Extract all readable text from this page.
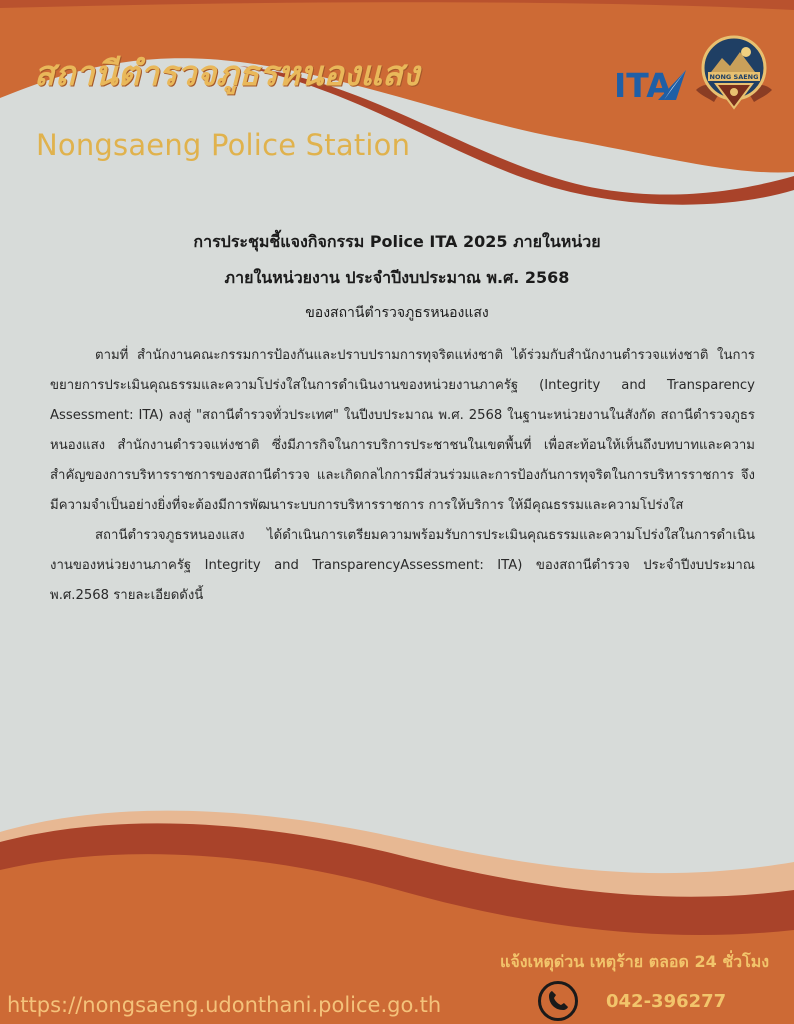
สถานีตำรวจภูธรหนองแสง
Nongsaeng Police Station
ITA	NONG SAENG
การประชุมชี้แจงกิจกรรม Police ITA 2025 ภายในหน่วย
ภายในหน่วยงาน ประจำปีงบประมาณ พ.ศ. 2568
ของสถานีตำรวจภูธรหนองแสง

ตามที่ สำนักงานคณะกรรมการป้องกันและปราบปรามการทุจริตแห่งชาติ ได้ร่วมกับสำนักงานตำรวจแห่งชาติ ในการขยายการประเมินคุณธรรมและความโปร่งใสในการดำเนินงานของหน่วยงานภาครัฐ (Integrity and Transparency Assessment: ITA) ลงสู่ "สถานีตำรวจทั่วประเทศ" ในปีงบประมาณ พ.ศ. 2568 ในฐานะหน่วยงานในสังกัด สถานีตำรวจภูธรหนองแสง สำนักงานตำรวจแห่งชาติ ซึ่งมีภารกิจในการบริการประชาชนในเขตพื้นที่ เพื่อสะท้อนให้เห็นถึงบทบาทและความสำคัญของการบริหารราชการของสถานีตำรวจ และเกิดกลไกการมีส่วนร่วมและการป้องกันการทุจริตในการบริหารราชการ จึงมีความจำเป็นอย่างยิ่งที่จะต้องมีการพัฒนาระบบการบริหารราชการ การให้บริการ ให้มีคุณธรรมและความโปร่งใส

สถานีตำรวจภูธรหนองแสง ได้ดำเนินการเตรียมความพร้อมรับการประเมินคุณธรรมและความโปร่งใสในการดำเนินงานของหน่วยงานภาครัฐ Integrity and TransparencyAssessment: ITA) ของสถานีตำรวจ ประจำปีงบประมาณ พ.ศ.2568 รายละเอียดดังนี้

แจ้งเหตุด่วน เหตุร้าย ตลอด 24 ชั่วโมง
https://nongsaeng.udonthani.police.go.th	042-396277
